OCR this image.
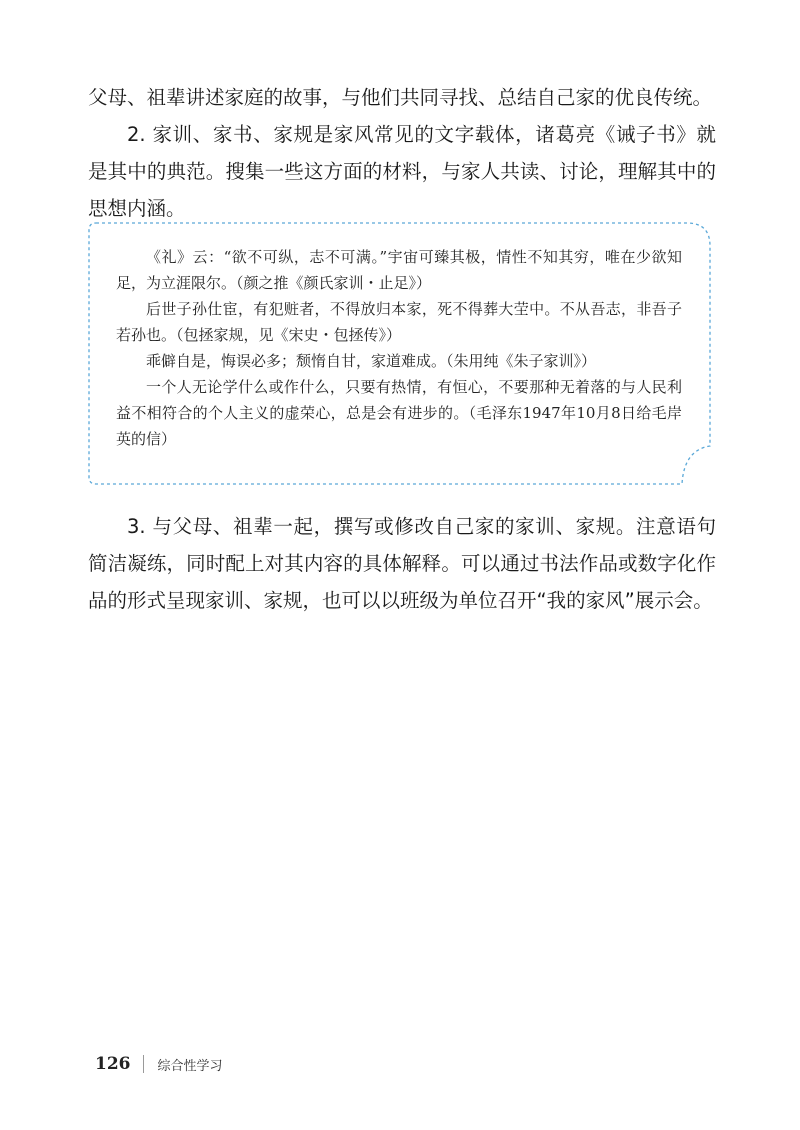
父母、祖辈讲述家庭的故事，与他们共同寻找、总结自己家的优良传统。

2. 家训、家书、家规是家风常见的文字载体，诸葛亮《诫子书》就是其中的典范。搜集一些这方面的材料，与家人共读、讨论，理解其中的思想内涵。

《礼》云：“欲不可纵，志不可满。”宇宙可臻其极，情性不知其穷，唯在少欲知足，为立涯限尔。（颜之推《颜氏家训・止足》）

后世子孙仕宦，有犯赃者，不得放归本家，死不得葬大茔中。不从吾志，非吾子若孙也。（包拯家规，见《宋史・包拯传》）

乖僻自是，悔误必多；颓惰自甘，家道难成。（朱用纯《朱子家训》）

一个人无论学什么或作什么，只要有热情，有恒心，不要那种无着落的与人民利益不相符合的个人主义的虚荣心，总是会有进步的。（毛泽东1947年10月8日给毛岸英的信）

3. 与父母、祖辈一起，撰写或修改自己家的家训、家规。注意语句简洁凝练，同时配上对其内容的具体解释。可以通过书法作品或数字化作品的形式呈现家训、家规，也可以以班级为单位召开“我的家风”展示会。

126 综合性学习
